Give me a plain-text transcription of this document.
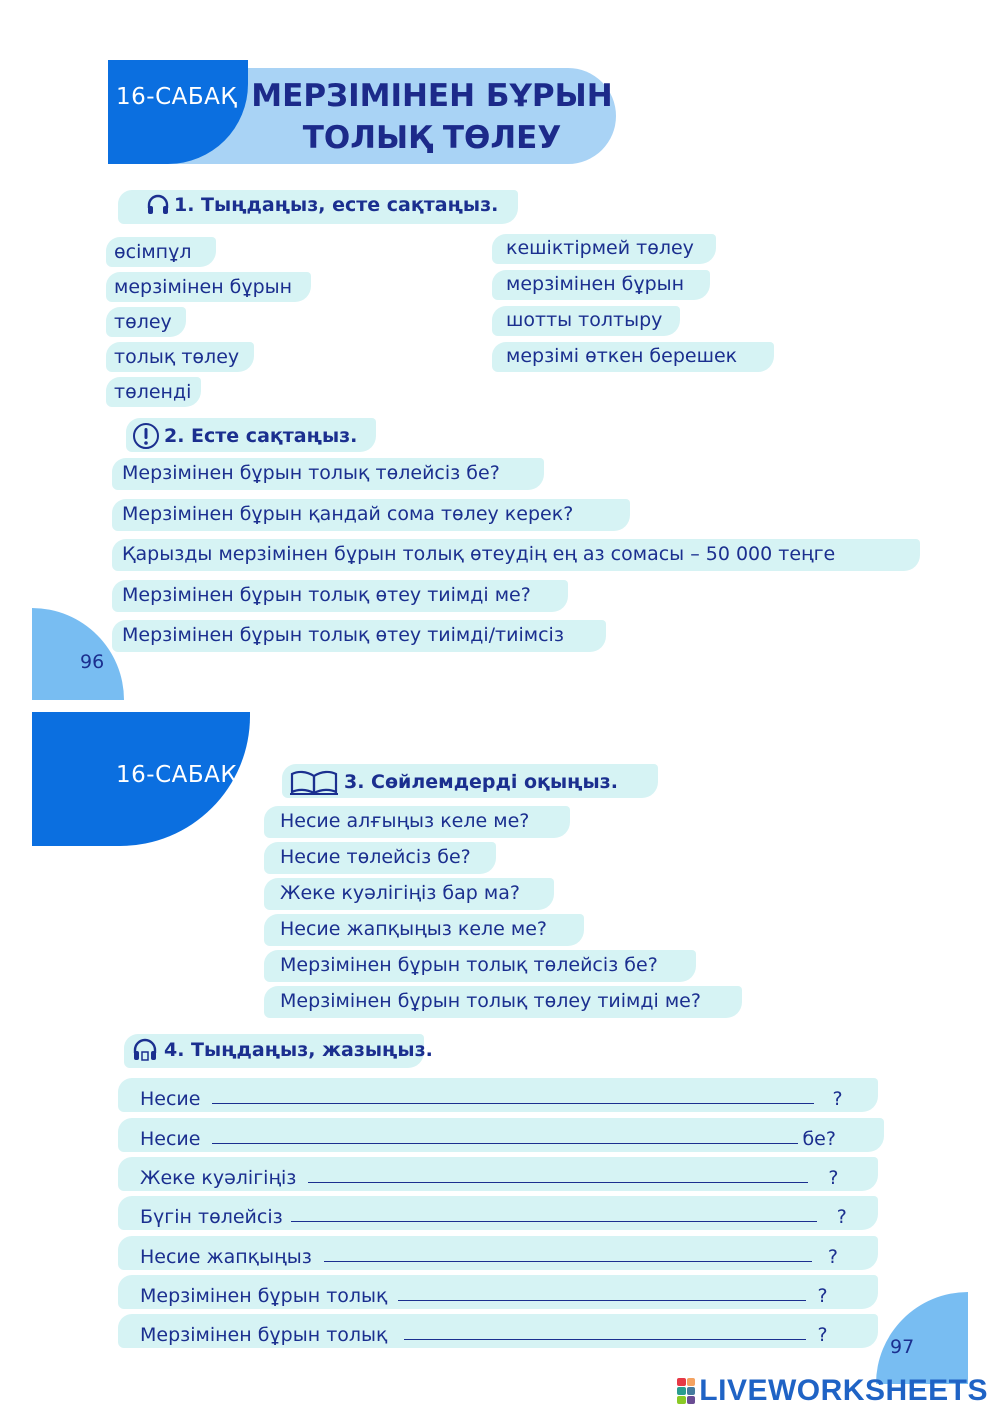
16-САБАҚ МЕРЗІМІНЕН БҰРЫН
ТОЛЫҚ ТӨЛЕУ
1. Тыңдаңыз, есте сақтаңыз.
өсімпұл
мерзімінен бұрын
төлеу
толық төлеу
төленді
кешіктірмей төлеу
мерзімінен бұрын
шотты толтыру
мерзімі өткен берешек
2. Есте сақтаңыз.
Мерзімінен бұрын толық төлейсіз бе?
Мерзімінен бұрын қандай сома төлеу керек?
Қарызды мерзімінен бұрын толық өтеудің ең аз сомасы – 50 000 теңге
Мерзімінен бұрын толық өтеу тиімді ме?
Мерзімінен бұрын толық өтеу тиімді/тиімсіз
96
16-САБАҚ	3. Сөйлемдерді оқыңыз.
Несие алғыңыз келе ме?
Несие төлейсіз бе?
Жеке куәлігіңіз бар ма?
Несие жапқыңыз келе ме?
Мерзімінен бұрын толық төлейсіз бе?
Мерзімінен бұрын толық төлеу тиімді ме?
4. Тыңдаңыз, жазыңыз.
Несие	?
Несие	бе?
Жеке куәлігіңіз	?
Бүгін төлейсіз	?
Несие жапқыңыз	?
Мерзімінен бұрын толық	?
Мерзімінен бұрын толық	?
97
LIVEWORKSHEETS
